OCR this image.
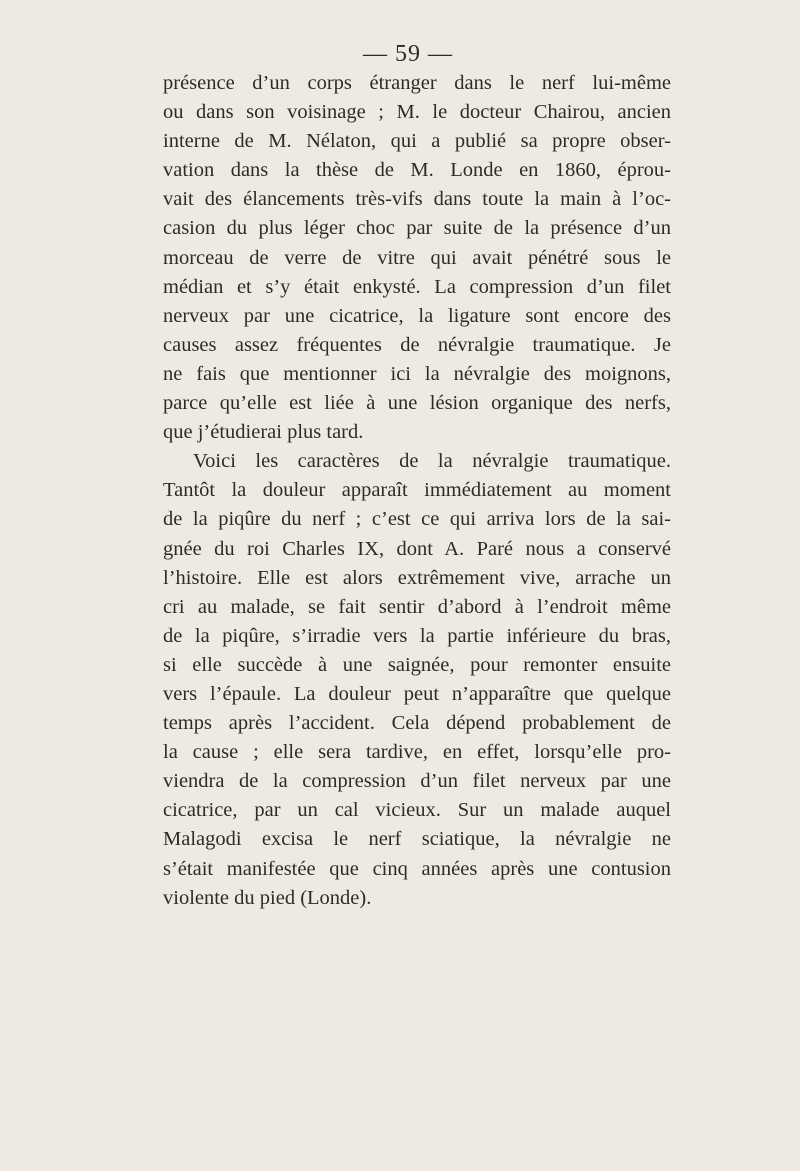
— 59 —
présence d’un corps étranger dans le nerf lui-même
ou dans son voisinage ; M. le docteur Chairou, ancien
interne de M. Nélaton, qui a publié sa propre obser-
vation dans la thèse de M. Londe en 1860, éprou-
vait des élancements très-vifs dans toute la main à l’oc-
casion du plus léger choc par suite de la présence d’un
morceau de verre de vitre qui avait pénétré sous le
médian et s’y était enkysté. La compression d’un filet
nerveux par une cicatrice, la ligature sont encore des
causes assez fréquentes de névralgie traumatique. Je
ne fais que mentionner ici la névralgie des moignons,
parce qu’elle est liée à une lésion organique des nerfs,
que j’étudierai plus tard.
Voici les caractères de la névralgie traumatique.
Tantôt la douleur apparaît immédiatement au moment
de la piqûre du nerf ; c’est ce qui arriva lors de la sai-
gnée du roi Charles IX, dont A. Paré nous a conservé
l’histoire. Elle est alors extrêmement vive, arrache un
cri au malade, se fait sentir d’abord à l’endroit même
de la piqûre, s’irradie vers la partie inférieure du bras,
si elle succède à une saignée, pour remonter ensuite
vers l’épaule. La douleur peut n’apparaître que quelque
temps après l’accident. Cela dépend probablement de
la cause ; elle sera tardive, en effet, lorsqu’elle pro-
viendra de la compression d’un filet nerveux par une
cicatrice, par un cal vicieux. Sur un malade auquel
Malagodi excisa le nerf sciatique, la névralgie ne
s’était manifestée que cinq années après une contusion
violente du pied (Londe).
